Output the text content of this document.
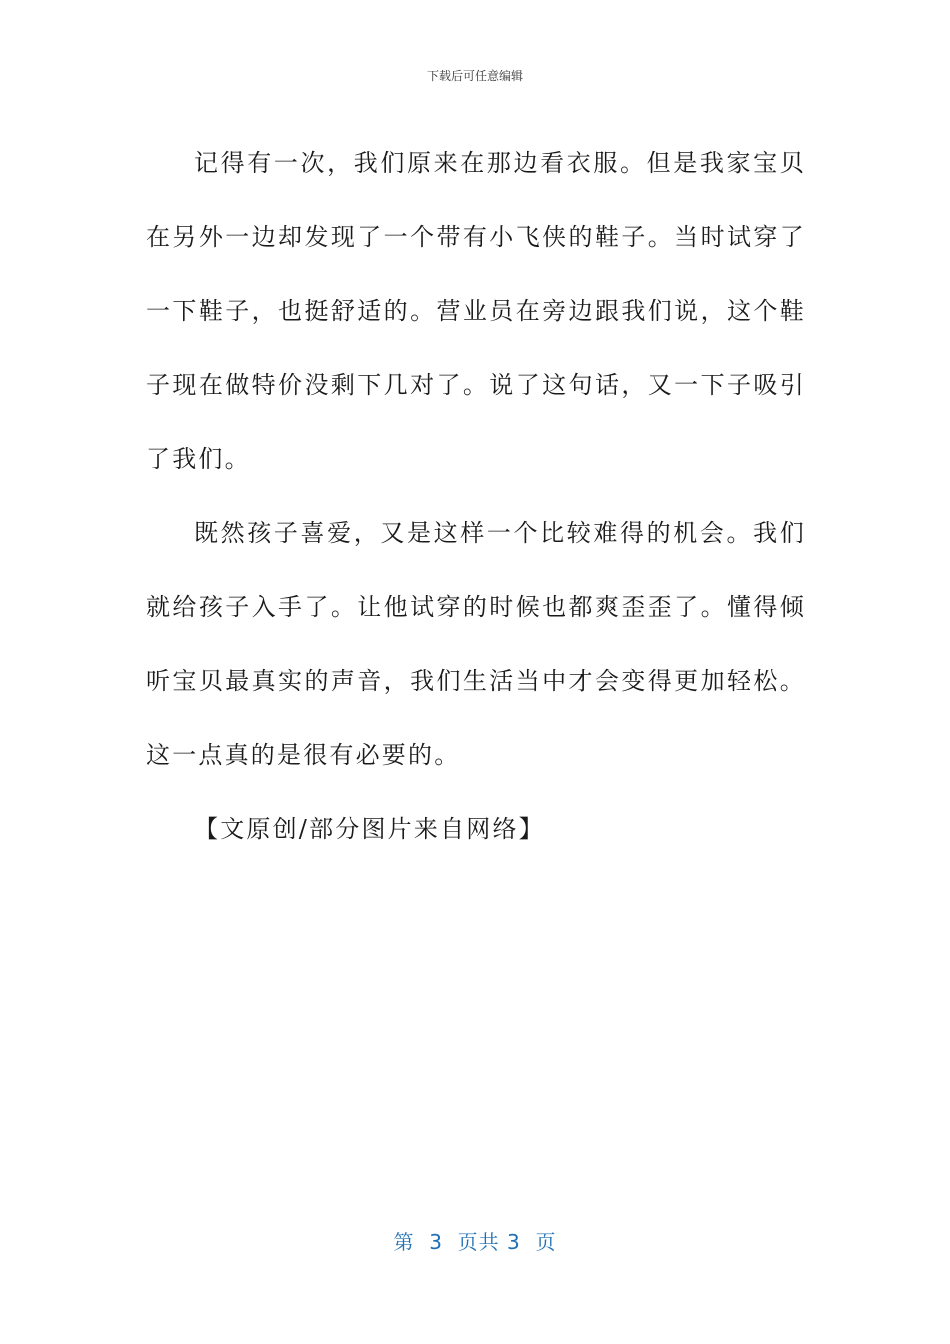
下载后可任意编辑

记得有一次，我们原来在那边看衣服。但是我家宝贝在另外一边却发现了一个带有小飞侠的鞋子。当时试穿了一下鞋子，也挺舒适的。营业员在旁边跟我们说，这个鞋子现在做特价没剩下几对了。说了这句话，又一下子吸引了我们。

既然孩子喜爱，又是这样一个比较难得的机会。我们就给孩子入手了。让他试穿的时候也都爽歪歪了。懂得倾听宝贝最真实的声音，我们生活当中才会变得更加轻松。这一点真的是很有必要的。

【文原创/部分图片来自网络】

第  3  页共 3  页
